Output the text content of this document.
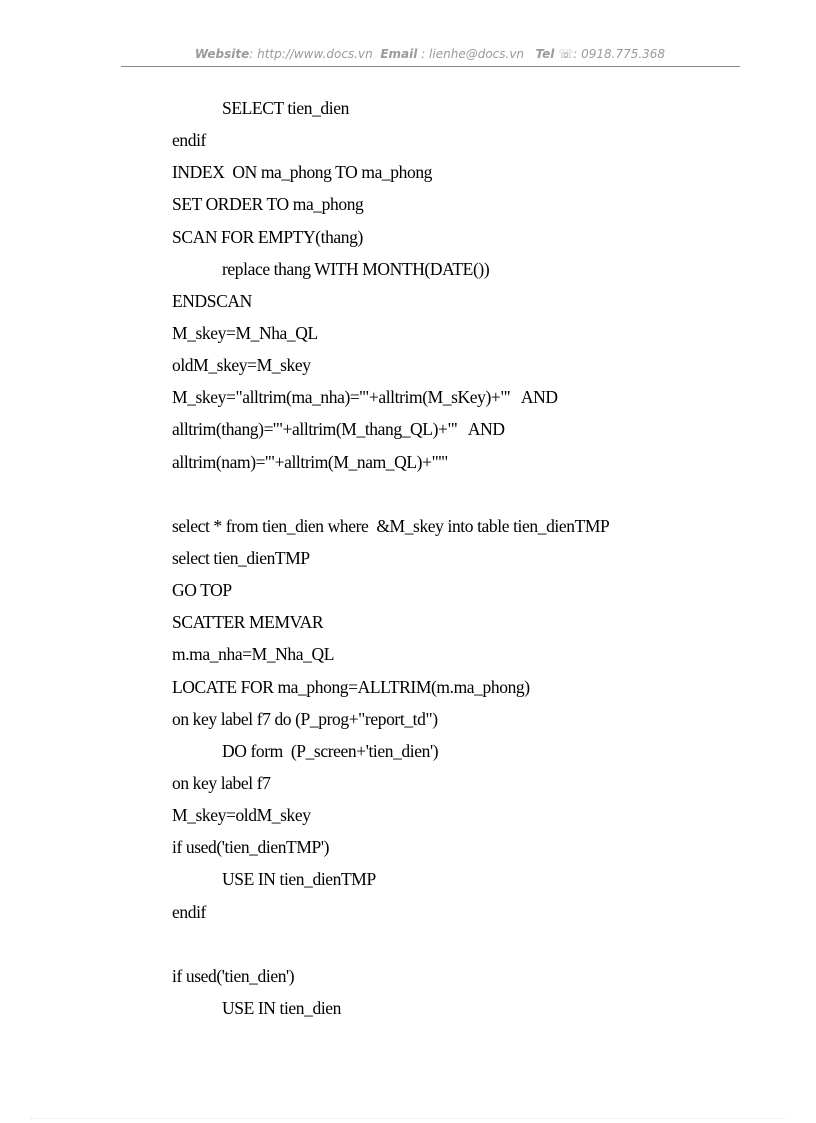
Website: http://www.docs.vn Email : lienhe@docs.vn Tel ☏: 0918.775.368
SELECT tien_dien
endif
INDEX  ON ma_phong TO ma_phong
SET ORDER TO ma_phong
SCAN FOR EMPTY(thang)
replace thang WITH MONTH(DATE())
ENDSCAN
M_skey=M_Nha_QL
oldM_skey=M_skey
M_skey="alltrim(ma_nha)='"+alltrim(M_sKey)+"'   AND
alltrim(thang)='"+alltrim(M_thang_QL)+"'   AND
alltrim(nam)='"+alltrim(M_nam_QL)+"'"
select * from tien_dien where  &M_skey into table tien_dienTMP
select tien_dienTMP
GO TOP
SCATTER MEMVAR
m.ma_nha=M_Nha_QL
LOCATE FOR ma_phong=ALLTRIM(m.ma_phong)
on key label f7 do (P_prog+"report_td")
DO form  (P_screen+'tien_dien')
on key label f7
M_skey=oldM_skey
if used('tien_dienTMP')
USE IN tien_dienTMP
endif
if used('tien_dien')
USE IN tien_dien
